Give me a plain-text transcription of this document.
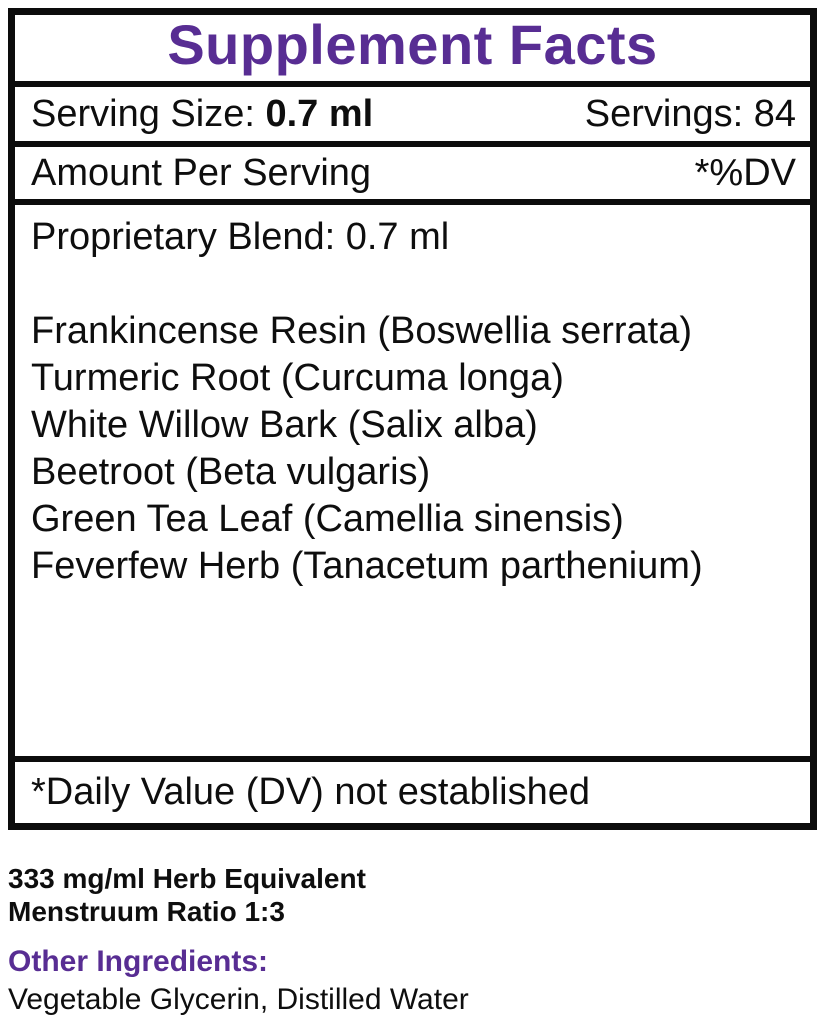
Supplement Facts
Serving Size: 0.7 ml	Servings: 84
Amount Per Serving	*%DV
Proprietary Blend: 0.7 ml
Frankincense Resin (Boswellia serrata)
Turmeric Root (Curcuma longa)
White Willow Bark (Salix alba)
Beetroot (Beta vulgaris)
Green Tea Leaf (Camellia sinensis)
Feverfew Herb (Tanacetum parthenium)
*Daily Value (DV) not established
333 mg/ml Herb Equivalent
Menstruum Ratio 1:3
Other Ingredients:
Vegetable Glycerin, Distilled Water
